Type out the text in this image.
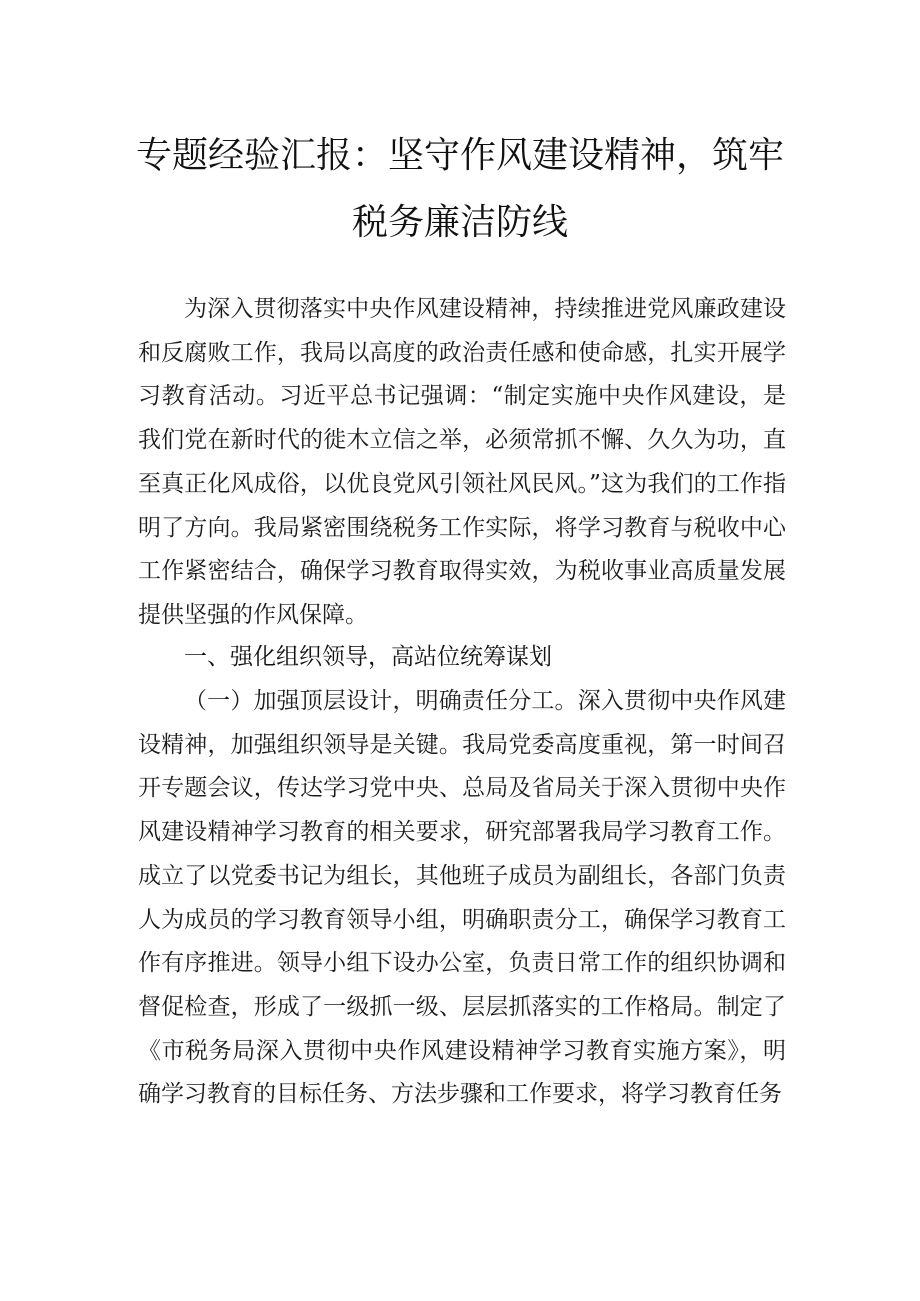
专题经验汇报：坚守作风建设精神，筑牢
税务廉洁防线
为深入贯彻落实中央作风建设精神，持续推进党风廉政建设和反腐败工作，我局以高度的政治责任感和使命感，扎实开展学习教育活动。习近平总书记强调：“制定实施中央作风建设，是我们党在新时代的徙木立信之举，必须常抓不懈、久久为功，直至真正化风成俗，以优良党风引领社风民风。”这为我们的工作指明了方向。我局紧密围绕税务工作实际，将学习教育与税收中心工作紧密结合，确保学习教育取得实效，为税收事业高质量发展提供坚强的作风保障。
一、强化组织领导，高站位统筹谋划
（一）加强顶层设计，明确责任分工。深入贯彻中央作风建设精神，加强组织领导是关键。我局党委高度重视，第一时间召开专题会议，传达学习党中央、总局及省局关于深入贯彻中央作风建设精神学习教育的相关要求，研究部署我局学习教育工作。成立了以党委书记为组长，其他班子成员为副组长，各部门负责人为成员的学习教育领导小组，明确职责分工，确保学习教育工作有序推进。领导小组下设办公室，负责日常工作的组织协调和督促检查，形成了一级抓一级、层层抓落实的工作格局。制定了《市税务局深入贯彻中央作风建设精神学习教育实施方案》，明确学习教育的目标任务、方法步骤和工作要求，将学习教育任务
